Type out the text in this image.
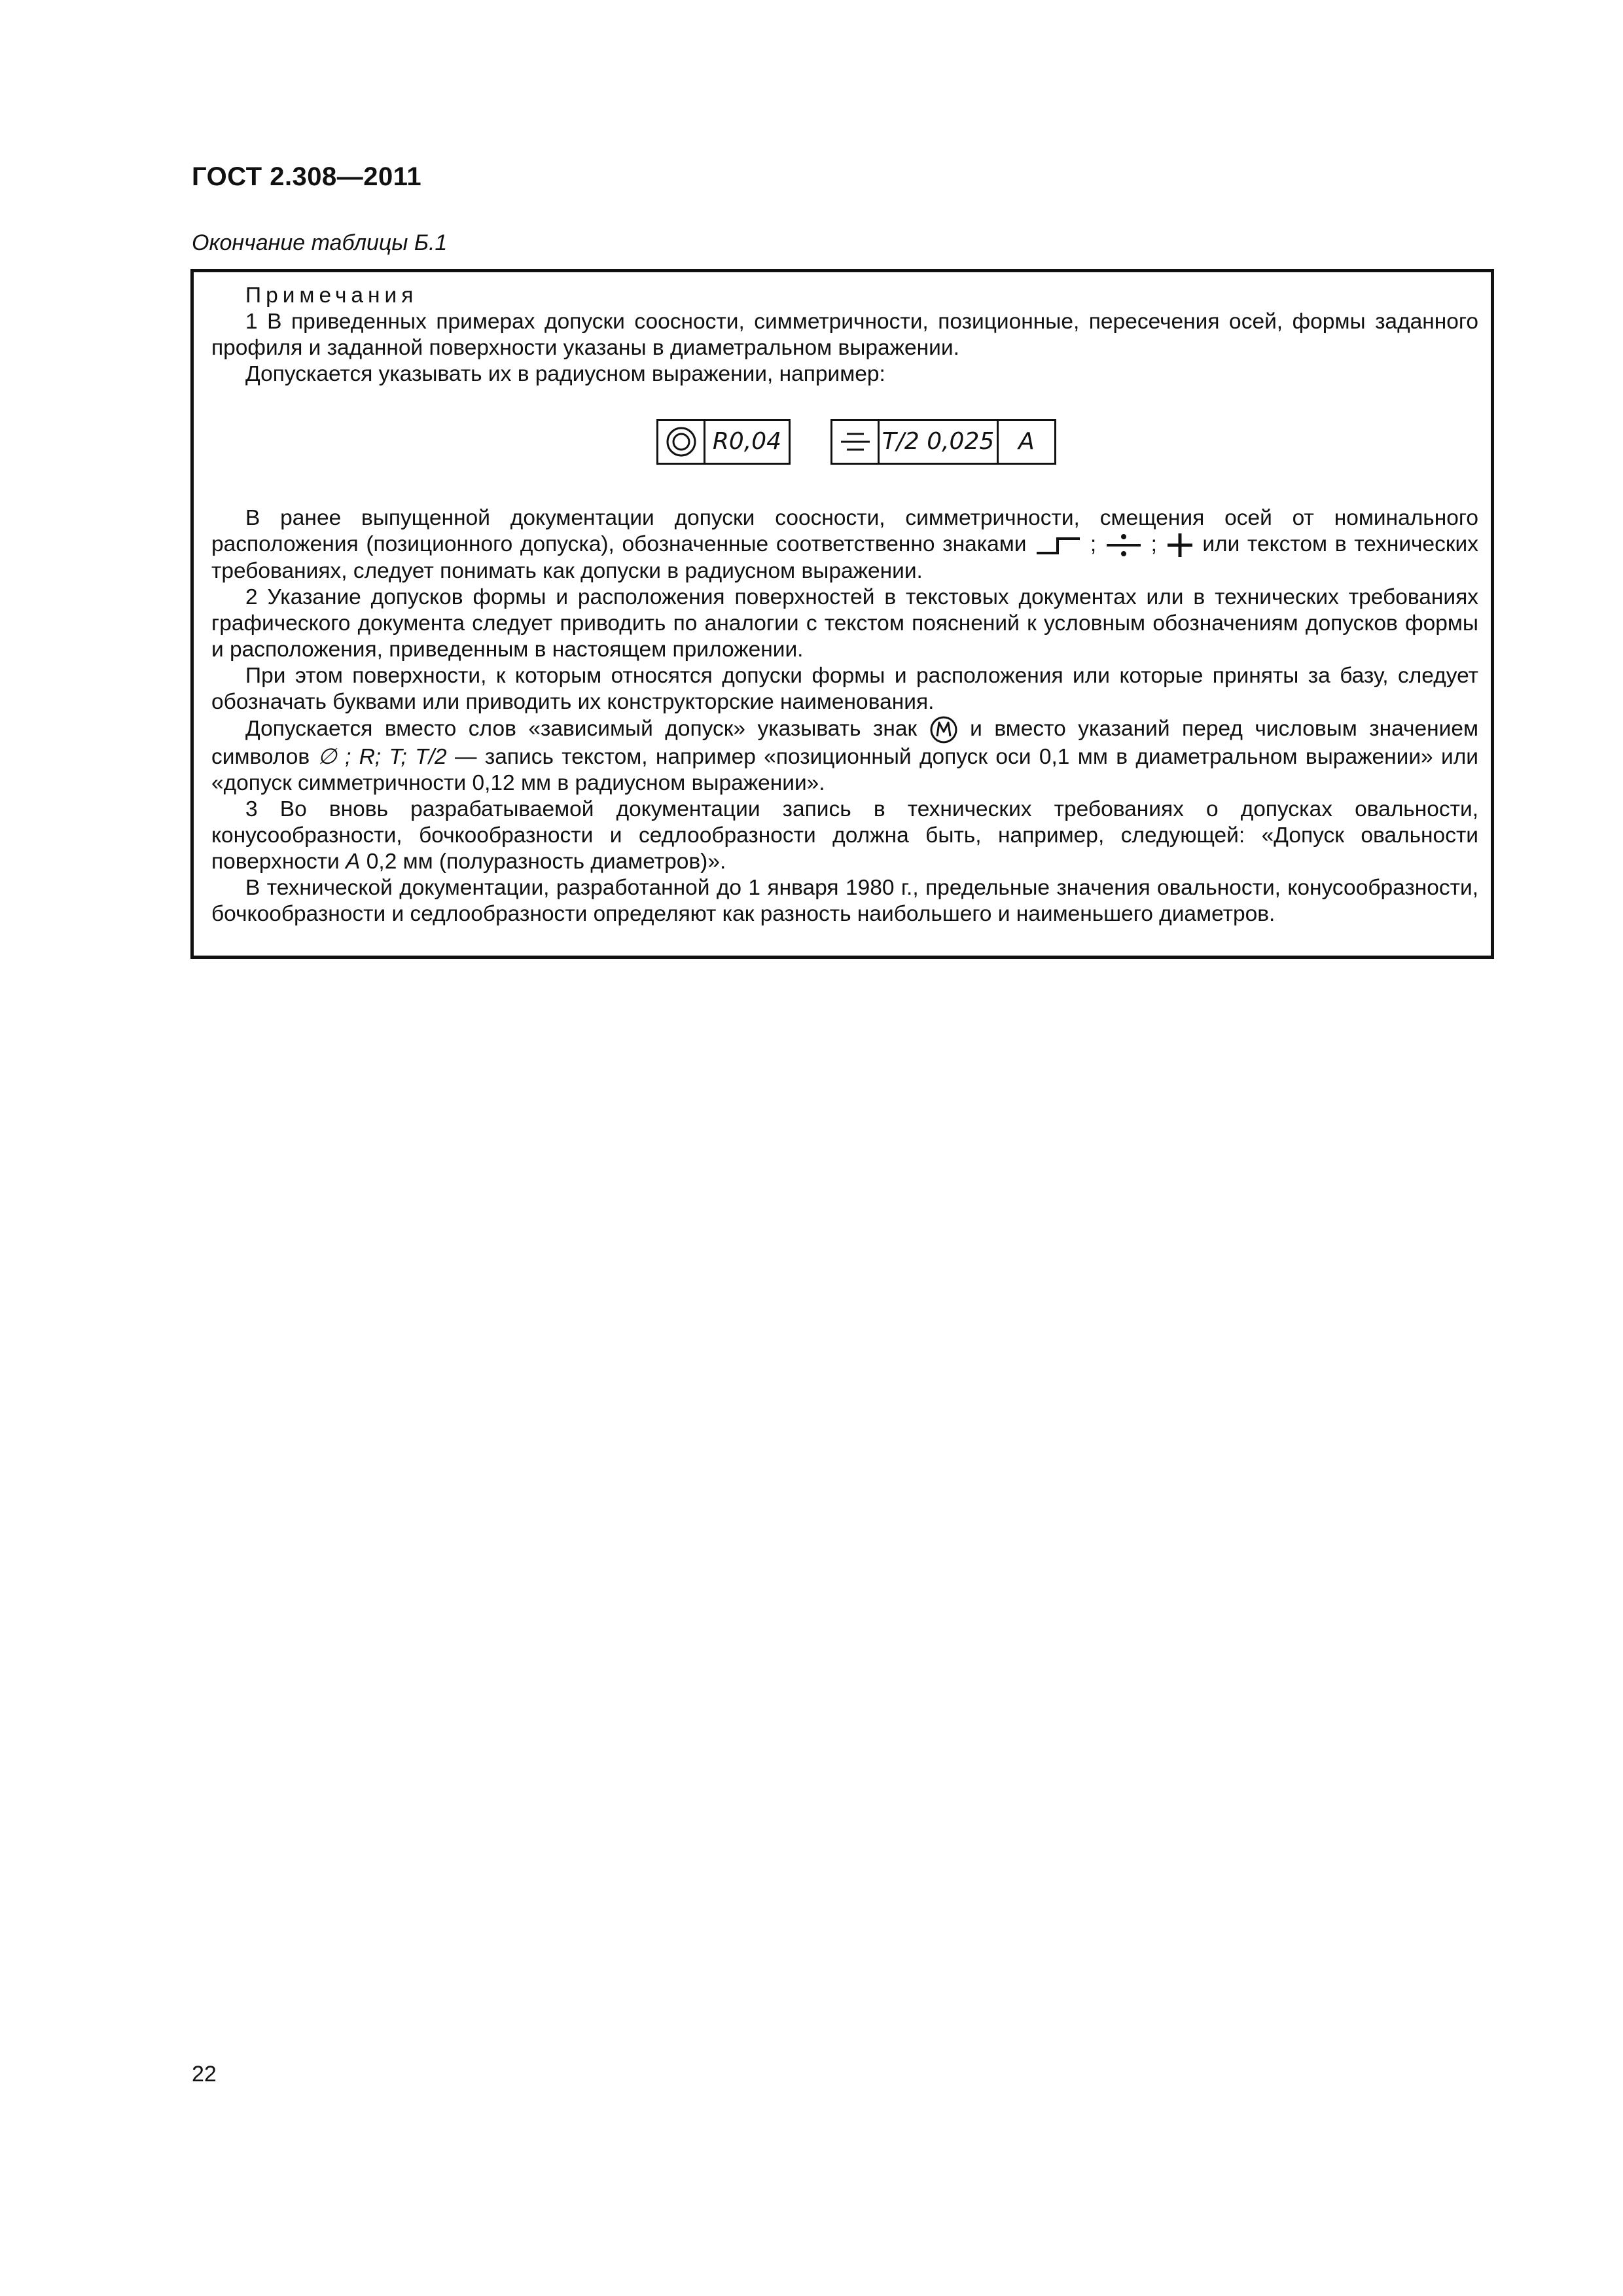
ГОСТ 2.308—2011
Окончание таблицы Б.1

Примечания

1 В приведенных примерах допуски соосности, симметричности, позиционные, пересечения осей, формы заданного профиля и заданной поверхности указаны в диаметральном выражении.

Допускается указывать их в радиусном выражении, например:

R0,04	T/2 0,025	A

В ранее выпущенной документации допуски соосности, симметричности, смещения осей от номинального расположения (позиционного допуска), обозначенные соответственно знаками	; ; или текстом в технических требованиях, следует понимать как допуски в радиусном выражении.

2 Указание допусков формы и расположения поверхностей в текстовых документах или в технических требованиях графического документа следует приводить по аналогии с текстом пояснений к условным обозначениям допусков формы и расположения, приведенным в настоящем приложении.

При этом поверхности, к которым относятся допуски формы и расположения или которые приняты за базу, следует обозначать буквами или приводить их конструкторские наименования.

Допускается вместо слов «зависимый допуск» указывать знак и вместо указаний перед числовым значением символов ∅ ; R; T; T/2 — запись текстом, например «позиционный допуск оси 0,1 мм в диаметральном выражении» или «допуск симметричности 0,12 мм в радиусном выражении».

3 Во вновь разрабатываемой документации запись в технических требованиях о допусках овальности, конусообразности, бочкообразности и седлообразности должна быть, например, следующей: «Допуск овальности поверхности А 0,2 мм (полуразность диаметров)».

В технической документации, разработанной до 1 января 1980 г., предельные значения овальности, конусообразности, бочкообразности и седлообразности определяют как разность наибольшего и наименьшего диаметров.

22
